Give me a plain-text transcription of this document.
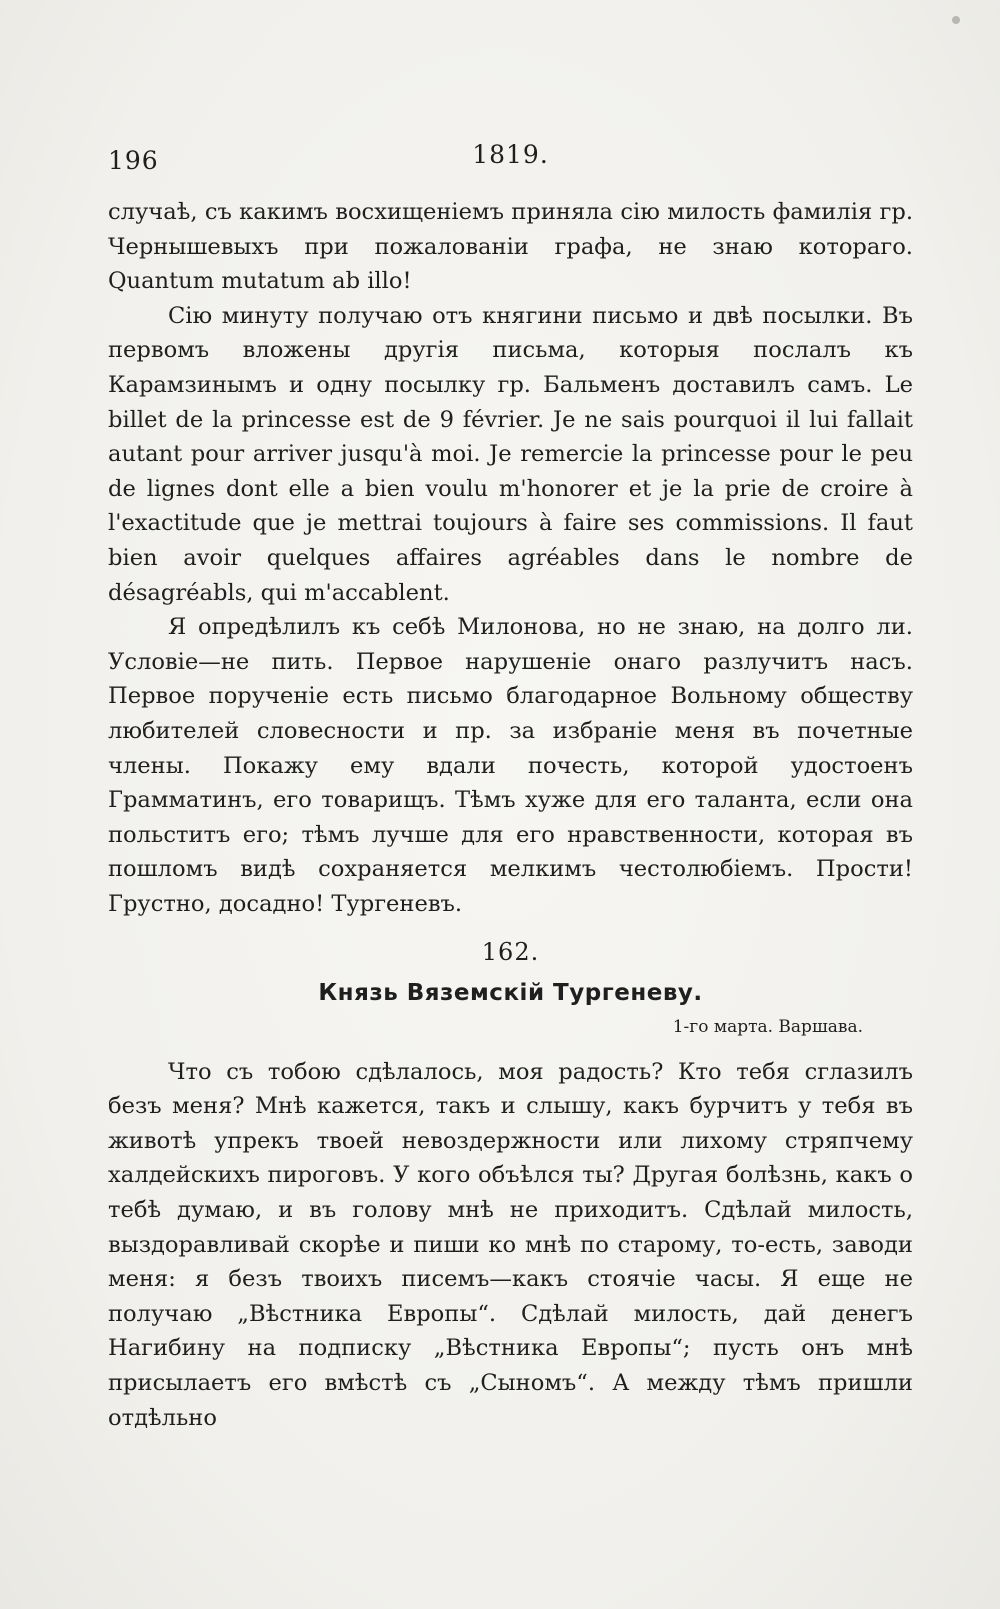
196	1819.

случаѣ, съ какимъ восхищеніемъ приняла сію милость фамилія гр. Чернышевыхъ при пожалованіи графа, не знаю котораго. Quantum mutatum ab illo!

Сію минуту получаю отъ княгини письмо и двѣ посылки. Въ первомъ вложены другія письма, которыя послалъ къ Карамзинымъ и одну посылку гр. Бальменъ доставилъ самъ. Le billet de la princesse est de 9 février. Je ne sais pourquoi il lui fallait autant pour arriver jusqu'à moi. Je remercie la princesse pour le peu de lignes dont elle a bien voulu m'honorer et je la prie de croire à l'exactitude que je mettrai toujours à faire ses commissions. Il faut bien avoir quelques affaires agréables dans le nombre de désagréabls, qui m'accablent.

Я опредѣлилъ къ себѣ Милонова, но не знаю, на долго ли. Условіе—не пить. Первое нарушеніе онаго разлучитъ насъ. Первое порученіе есть письмо благодарное Вольному обществу любителей словесности и пр. за избраніе меня въ почетные члены. Покажу ему вдали почесть, которой удостоенъ Грамматинъ, его товарищъ. Тѣмъ хуже для его таланта, если она польститъ его; тѣмъ лучше для его нравственности, которая въ пошломъ видѣ сохраняется мелкимъ честолюбіемъ. Прости! Грустно, досадно! Тургеневъ.

162.
Князь Вяземскій Тургеневу.
1-го марта. Варшава.

Что съ тобою сдѣлалось, моя радость? Кто тебя сглазилъ безъ меня? Мнѣ кажется, такъ и слышу, какъ бурчитъ у тебя въ животѣ упрекъ твоей невоздержности или лихому стряпчему халдейскихъ пироговъ. У кого объѣлся ты? Другая болѣзнь, какъ о тебѣ думаю, и въ голову мнѣ не приходитъ. Сдѣлай милость, выздоравливай скорѣе и пиши ко мнѣ по старому, то-есть, заводи меня: я безъ твоихъ писемъ—какъ стоячіе часы. Я еще не получаю „Вѣстника Европы“. Сдѣлай милость, дай денегъ Нагибину на подписку „Вѣстника Европы“; пусть онъ мнѣ присылаетъ его вмѣстѣ съ „Сыномъ“. А между тѣмъ пришли отдѣльно
